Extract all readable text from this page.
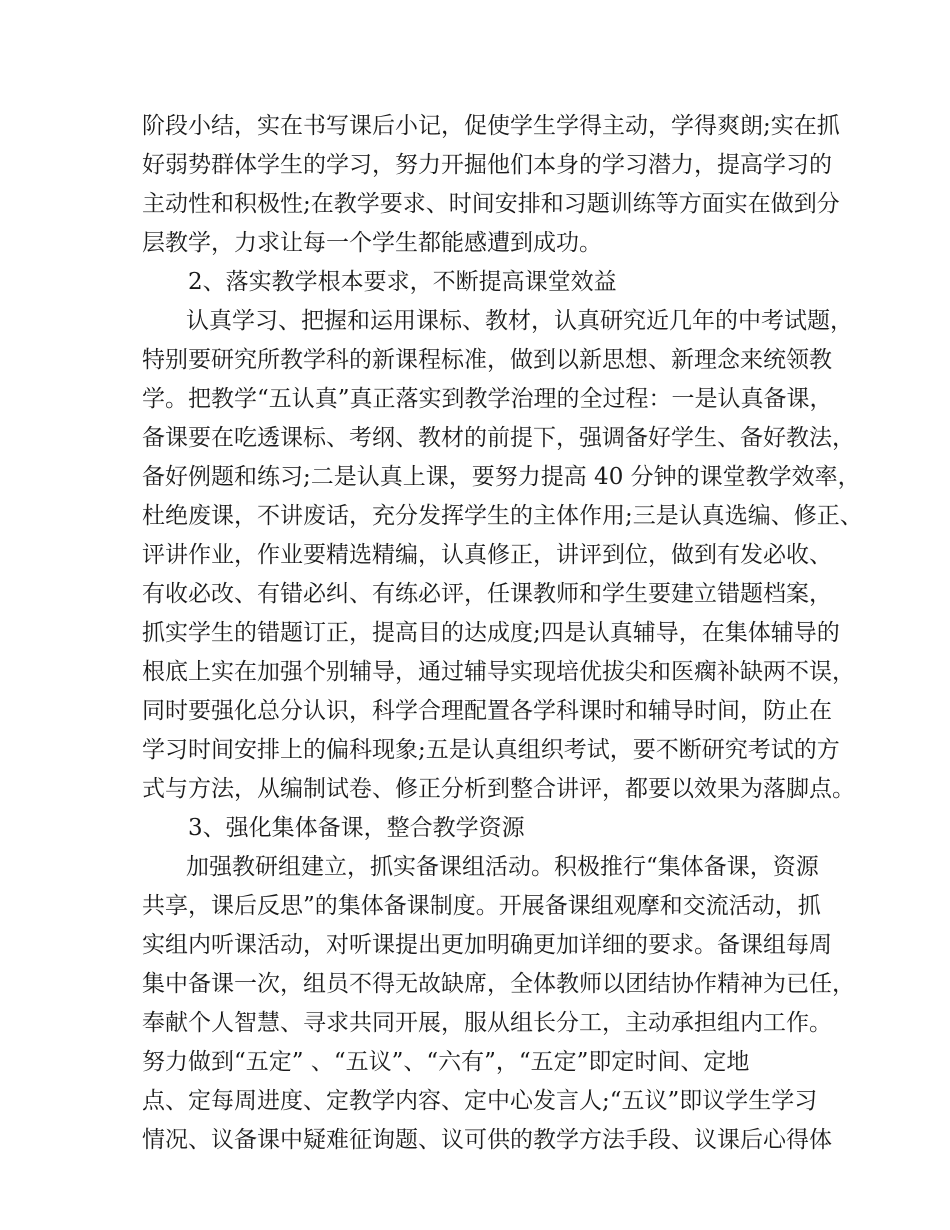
阶段小结，实在书写课后小记，促使学生学得主动，学得爽朗;实在抓
好弱势群体学生的学习，努力开掘他们本身的学习潜力，提高学习的
主动性和积极性;在教学要求、时间安排和习题训练等方面实在做到分
层教学，力求让每一个学生都能感遭到成功。
2、落实教学根本要求，不断提高课堂效益
认真学习、把握和运用课标、教材，认真研究近几年的中考试题，
特别要研究所教学科的新课程标准，做到以新思想、新理念来统领教
学。把教学“五认真”真正落实到教学治理的全过程：一是认真备课，
备课要在吃透课标、考纲、教材的前提下，强调备好学生、备好教法，
备好例题和练习;二是认真上课，要努力提高 40 分钟的课堂教学效率，
杜绝废课，不讲废话，充分发挥学生的主体作用;三是认真选编、修正、
评讲作业，作业要精选精编，认真修正，讲评到位，做到有发必收、
有收必改、有错必纠、有练必评，任课教师和学生要建立错题档案，
抓实学生的错题订正，提高目的达成度;四是认真辅导，在集体辅导的
根底上实在加强个别辅导，通过辅导实现培优拔尖和医瘸补缺两不误，
同时要强化总分认识，科学合理配置各学科课时和辅导时间，防止在
学习时间安排上的偏科现象;五是认真组织考试，要不断研究考试的方
式与方法，从编制试卷、修正分析到整合讲评，都要以效果为落脚点。
3、强化集体备课，整合教学资源
加强教研组建立，抓实备课组活动。积极推行“集体备课，资源
共享，课后反思”的集体备课制度。开展备课组观摩和交流活动，抓
实组内听课活动，对听课提出更加明确更加详细的要求。备课组每周
集中备课一次，组员不得无故缺席，全体教师以团结协作精神为已任，
奉献个人智慧、寻求共同开展，服从组长分工，主动承担组内工作。
努力做到“五定” 、“五议”、“六有”，“五定”即定时间、定地
点、定每周进度、定教学内容、定中心发言人;“五议”即议学生学习
情况、议备课中疑难征询题、议可供的教学方法手段、议课后心得体
